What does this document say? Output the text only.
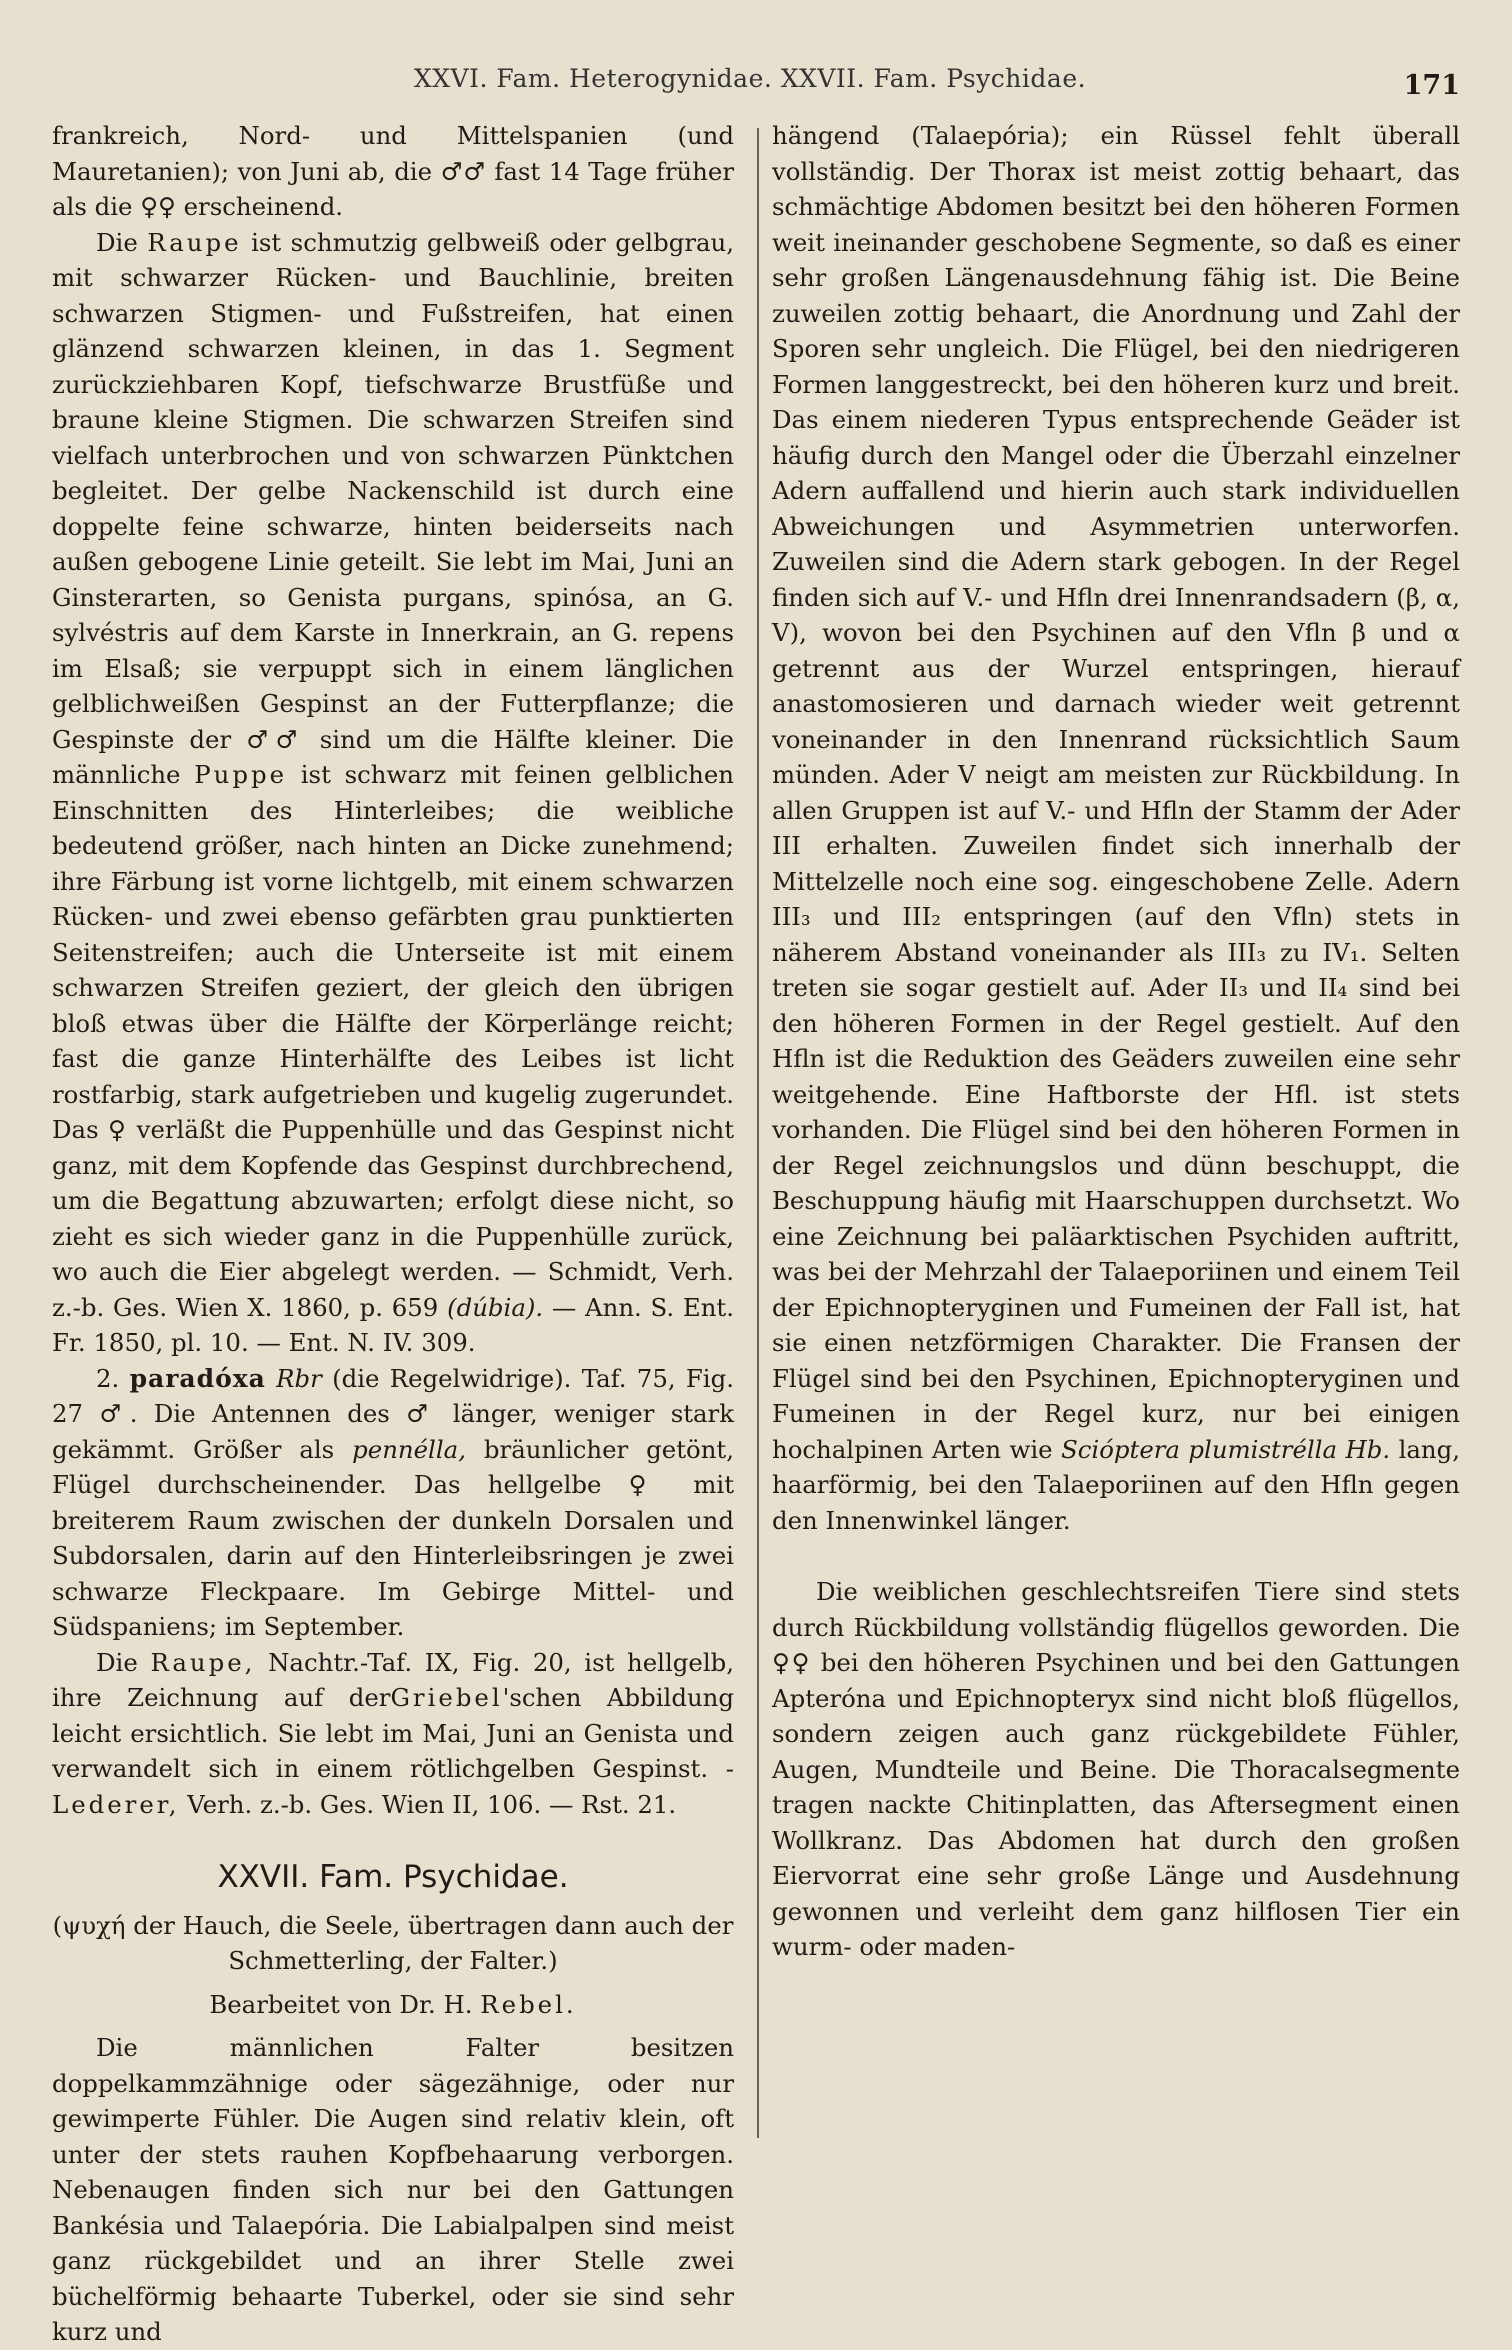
XXVI. Fam. Heterogynidae. XXVII. Fam. Psychidae.	171

frankreich, Nord- und Mittelspanien (und Mauretanien); von Juni ab, die ♂♂ fast 14 Tage früher als die ♀♀ erscheinend.

Die Raupe ist schmutzig gelbweiß oder gelbgrau, mit schwarzer Rücken- und Bauchlinie, breiten schwarzen Stigmen- und Fußstreifen, hat einen glänzend schwarzen kleinen, in das 1. Segment zurückziehbaren Kopf, tiefschwarze Brustfüße und braune kleine Stigmen. Die schwarzen Streifen sind vielfach unterbrochen und von schwarzen Pünktchen begleitet. Der gelbe Nackenschild ist durch eine doppelte feine schwarze, hinten beiderseits nach außen gebogene Linie geteilt. Sie lebt im Mai, Juni an Ginsterarten, so Genista purgans, spinósa, an G. sylvéstris auf dem Karste in Innerkrain, an G. repens im Elsaß; sie verpuppt sich in einem länglichen gelblichweißen Gespinst an der Futterpflanze; die Gespinste der ♂♂ sind um die Hälfte kleiner. Die männliche Puppe ist schwarz mit feinen gelblichen Einschnitten des Hinterleibes; die weibliche bedeutend größer, nach hinten an Dicke zunehmend; ihre Färbung ist vorne lichtgelb, mit einem schwarzen Rücken- und zwei ebenso gefärbten grau punktierten Seitenstreifen; auch die Unterseite ist mit einem schwarzen Streifen geziert, der gleich den übrigen bloß etwas über die Hälfte der Körperlänge reicht; fast die ganze Hinterhälfte des Leibes ist licht rostfarbig, stark aufgetrieben und kugelig zugerundet. Das ♀ verläßt die Puppenhülle und das Gespinst nicht ganz, mit dem Kopfende das Gespinst durchbrechend, um die Begattung abzuwarten; erfolgt diese nicht, so zieht es sich wieder ganz in die Puppenhülle zurück, wo auch die Eier abgelegt werden. — Schmidt, Verh. z.-b. Ges. Wien X. 1860, p. 659 (dúbia). — Ann. S. Ent. Fr. 1850, pl. 10. — Ent. N. IV. 309.

2. paradóxa Rbr (die Regelwidrige). Taf. 75, Fig. 27 ♂. Die Antennen des ♂ länger, weniger stark gekämmt. Größer als pennélla, bräunlicher getönt, Flügel durchscheinender. Das hellgelbe ♀ mit breiterem Raum zwischen der dunkeln Dorsalen und Subdorsalen, darin auf den Hinterleibsringen je zwei schwarze Fleckpaare. Im Gebirge Mittel- und Südspaniens; im September.

Die Raupe, Nachtr.-Taf. IX, Fig. 20, ist hellgelb, ihre Zeichnung auf derGriebel'schen Abbildung leicht ersichtlich. Sie lebt im Mai, Juni an Genista und verwandelt sich in einem rötlichgelben Gespinst. - Lederer, Verh. z.-b. Ges. Wien II, 106. — Rst. 21.

XXVII. Fam. Psychidae.

(ψυχή der Hauch, die Seele, übertragen dann auch der Schmetterling, der Falter.)

Bearbeitet von Dr. H. Rebel.

Die männlichen Falter besitzen doppelkammzähnige oder sägezähnige, oder nur gewimperte Fühler. Die Augen sind relativ klein, oft unter der stets rauhen Kopfbehaarung verborgen. Nebenaugen finden sich nur bei den Gattungen Bankésia und Talaepória. Die Labialpalpen sind meist ganz rückgebildet und an ihrer Stelle zwei büchelförmig behaarte Tuberkel, oder sie sind sehr kurz und

hängend (Talaepória); ein Rüssel fehlt überall vollständig. Der Thorax ist meist zottig behaart, das schmächtige Abdomen besitzt bei den höheren Formen weit ineinander geschobene Segmente, so daß es einer sehr großen Längenausdehnung fähig ist. Die Beine zuweilen zottig behaart, die Anordnung und Zahl der Sporen sehr ungleich. Die Flügel, bei den niedrigeren Formen langgestreckt, bei den höheren kurz und breit. Das einem niederen Typus entsprechende Geäder ist häufig durch den Mangel oder die Überzahl einzelner Adern auffallend und hierin auch stark individuellen Abweichungen und Asymmetrien unterworfen. Zuweilen sind die Adern stark gebogen. In der Regel finden sich auf V.- und Hfln drei Innenrandsadern (β, α, V), wovon bei den Psychinen auf den Vfln β und α getrennt aus der Wurzel entspringen, hierauf anastomosieren und darnach wieder weit getrennt voneinander in den Innenrand rücksichtlich Saum münden. Ader V neigt am meisten zur Rückbildung. In allen Gruppen ist auf V.- und Hfln der Stamm der Ader III erhalten. Zuweilen findet sich innerhalb der Mittelzelle noch eine sog. eingeschobene Zelle. Adern III₃ und III₂ entspringen (auf den Vfln) stets in näherem Abstand voneinander als III₃ zu IV₁. Selten treten sie sogar gestielt auf. Ader II₃ und II₄ sind bei den höheren Formen in der Regel gestielt. Auf den Hfln ist die Reduktion des Geäders zuweilen eine sehr weitgehende. Eine Haftborste der Hfl. ist stets vorhanden. Die Flügel sind bei den höheren Formen in der Regel zeichnungslos und dünn beschuppt, die Beschuppung häufig mit Haarschuppen durchsetzt. Wo eine Zeichnung bei paläarktischen Psychiden auftritt, was bei der Mehrzahl der Talaeporiinen und einem Teil der Epichnopteryginen und Fumeinen der Fall ist, hat sie einen netzförmigen Charakter. Die Fransen der Flügel sind bei den Psychinen, Epichnopteryginen und Fumeinen in der Regel kurz, nur bei einigen hochalpinen Arten wie Scióptera plumistrélla Hb. lang, haarförmig, bei den Talaeporiinen auf den Hfln gegen den Innenwinkel länger.

Die weiblichen geschlechtsreifen Tiere sind stets durch Rückbildung vollständig flügellos geworden. Die ♀♀ bei den höheren Psychinen und bei den Gattungen Apteróna und Epichnopteryx sind nicht bloß flügellos, sondern zeigen auch ganz rückgebildete Fühler, Augen, Mundteile und Beine. Die Thoracalsegmente tragen nackte Chitinplatten, das Aftersegment einen Wollkranz. Das Abdomen hat durch den großen Eiervorrat eine sehr große Länge und Ausdehnung gewonnen und verleiht dem ganz hilflosen Tier ein wurm- oder maden-
